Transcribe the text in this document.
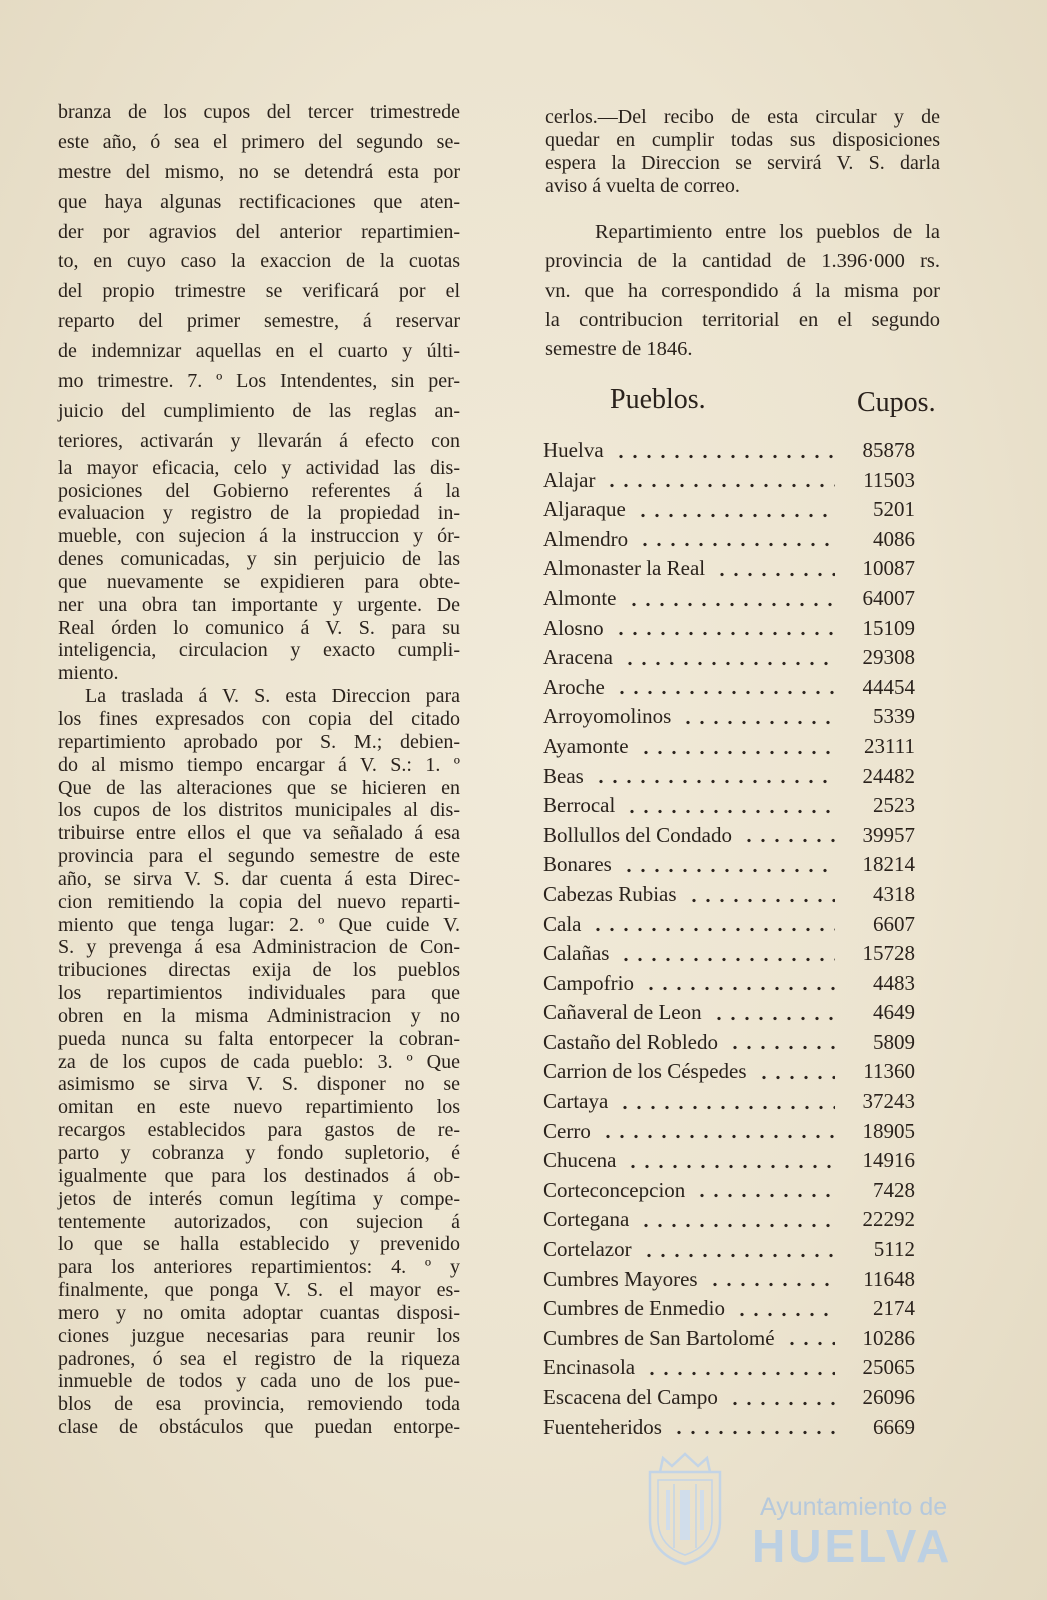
branza de los cupos del tercer trimestrede
este año, ó sea el primero del segundo se-
mestre del mismo, no se detendrá esta por
que haya algunas rectificaciones que aten-
der por agravios del anterior repartimien-
to, en cuyo caso la exaccion de la cuotas
del propio trimestre se verificará por el
reparto del primer semestre, á reservar
de indemnizar aquellas en el cuarto y últi-
mo trimestre. 7. º Los Intendentes, sin per-
juicio del cumplimiento de las reglas an-
teriores, activarán y llevarán á efecto con
la mayor eficacia, celo y actividad las dis-
posiciones del Gobierno referentes á la
evaluacion y registro de la propiedad in-
mueble, con sujecion á la instruccion y ór-
denes comunicadas, y sin perjuicio de las
que nuevamente se expidieren para obte-
ner una obra tan importante y urgente. De
Real órden lo comunico á V. S. para su
inteligencia, circulacion y exacto cumpli-
miento.
La traslada á V. S. esta Direccion para
los fines expresados con copia del citado
repartimiento aprobado por S. M.; debien-
do al mismo tiempo encargar á V. S.: 1. º
Que de las alteraciones que se hicieren en
los cupos de los distritos municipales al dis-
tribuirse entre ellos el que va señalado á esa
provincia para el segundo semestre de este
año, se sirva V. S. dar cuenta á esta Direc-
cion remitiendo la copia del nuevo reparti-
miento que tenga lugar: 2. º Que cuide V.
S. y prevenga á esa Administracion de Con-
tribuciones directas exija de los pueblos
los repartimientos individuales para que
obren en la misma Administracion y no
pueda nunca su falta entorpecer la cobran-
za de los cupos de cada pueblo: 3. º Que
asimismo se sirva V. S. disponer no se
omitan en este nuevo repartimiento los
recargos establecidos para gastos de re-
parto y cobranza y fondo supletorio, é
igualmente que para los destinados á ob-
jetos de interés comun legítima y compe-
tentemente autorizados, con sujecion á
lo que se halla establecido y prevenido
para los anteriores repartimientos: 4. º y
finalmente, que ponga V. S. el mayor es-
mero y no omita adoptar cuantas disposi-
ciones juzgue necesarias para reunir los
padrones, ó sea el registro de la riqueza
inmueble de todos y cada uno de los pue-
blos de esa provincia, removiendo toda
clase de obstáculos que puedan entorpe-
cerlos.—Del recibo de esta circular y de
quedar en cumplir todas sus disposiciones
espera la Direccion se servirá V. S. darla
aviso á vuelta de correo.
Repartimiento entre los pueblos de la
provincia de la cantidad de 1.396·000 rs.
vn. que ha correspondido á la misma por
la contribucion territorial en el segundo
semestre de 1846.
Pueblos.	Cupos.
Huelva	85878
Alajar	11503
Aljaraque	5201
Almendro	4086
Almonaster la Real	10087
Almonte	64007
Alosno	15109
Aracena	29308
Aroche	44454
Arroyomolinos	5339
Ayamonte	23111
Beas	24482
Berrocal	2523
Bollullos del Condado	39957
Bonares	18214
Cabezas Rubias	4318
Cala	6607
Calañas	15728
Campofrio	4483
Cañaveral de Leon	4649
Castaño del Robledo	5809
Carrion de los Céspedes	11360
Cartaya	37243
Cerro	18905
Chucena	14916
Corteconcepcion	7428
Cortegana	22292
Cortelazor	5112
Cumbres Mayores	11648
Cumbres de Enmedio	2174
Cumbres de San Bartolomé	10286
Encinasola	25065
Escacena del Campo	26096
Fuenteheridos	6669
Ayuntamiento de
HUELVA
